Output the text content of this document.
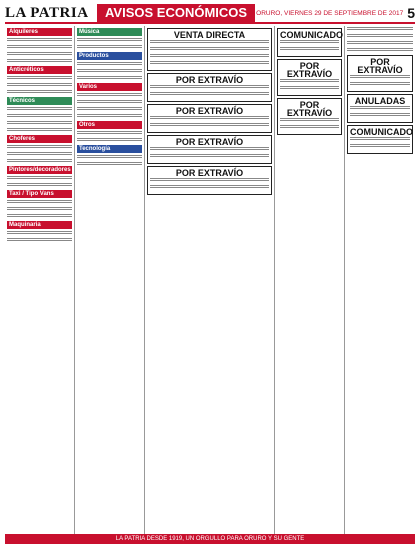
LA PATRIA	AVISOS ECONÓMICOS	ORURO, VIERNES 29 DE SEPTIEMBRE DE 2017 5
Alquileres
Anticréticos
Técnicos
Choferes
Pintores/decoradores
Taxi / Tipo Vans
Maquinaria
Música
Productos
Varios
Otros
Tecnología
VENTA DIRECTA
POR EXTRAVÍO
POR EXTRAVÍO
POR EXTRAVÍO
POR EXTRAVÍO
COMUNICADO
POR EXTRAVÍO
POR EXTRAVÍO
POR EXTRAVÍO
ANULADAS
COMUNICADO
LA PATRIA DESDE 1919, UN ORGULLO PARA ORURO Y SU GENTE
